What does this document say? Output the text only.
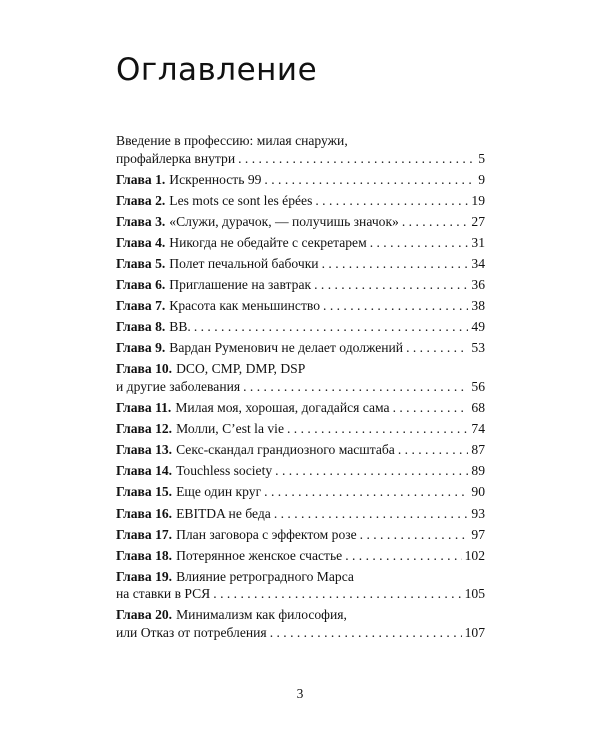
Оглавление
Введение в профессию: милая снаружи,
профайлерка внутри . . .	5
Глава 1. Искренность 99 . . .	9
Глава 2. Les mots ce sont les épées . . .	19
Глава 3. «Служи, дурачок, — получишь значок» . . .	27
Глава 4. Никогда не обедайте с секретарем . . .	31
Глава 5. Полет печальной бабочки . . .	34
Глава 6. Приглашение на завтрак . . .	36
Глава 7. Красота как меньшинство . . .	38
Глава 8. ВВ. . . .	49
Глава 9. Вардан Руменович не делает одолжений . . .	53
Глава 10. DCO, CMP, DMP, DSP
и другие заболевания . . .	56
Глава 11. Милая моя, хорошая, догадайся сама . . .	68
Глава 12. Молли, C’est la vie . . .	74
Глава 13. Секс-скандал грандиозного масштаба . . .	87
Глава 14. Touchless society . . .	89
Глава 15. Еще один круг . . .	90
Глава 16. EBITDA не беда . . .	93
Глава 17. План заговора с эффектом розе . . .	97
Глава 18. Потерянное женское счастье . . .	102
Глава 19. Влияние ретроградного Марса
на ставки в РСЯ . . .	105
Глава 20. Минимализм как философия,
или Отказ от потребления . . .	107
3
